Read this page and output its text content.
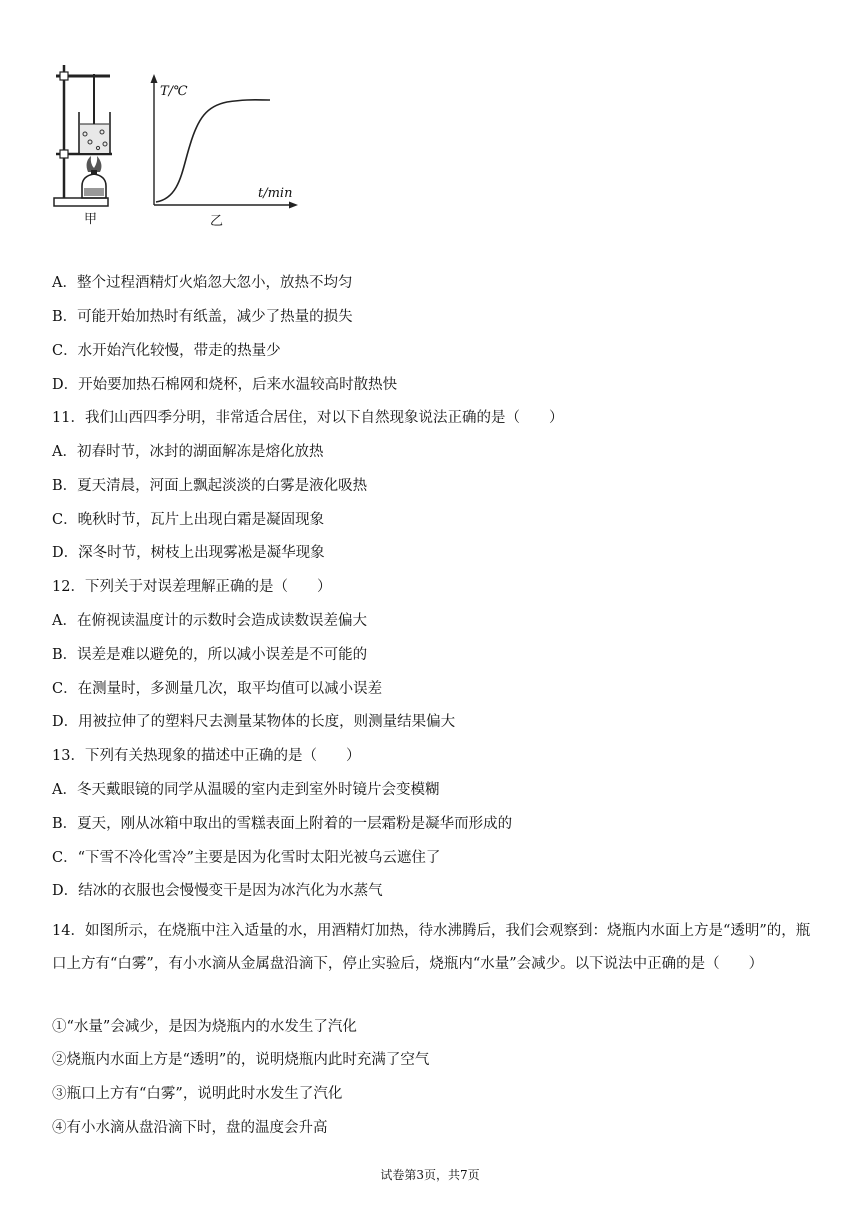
甲	乙
T/℃
t/min
A．整个过程酒精灯火焰忽大忽小，放热不均匀
B．可能开始加热时有纸盖，减少了热量的损失
C．水开始汽化较慢，带走的热量少
D．开始要加热石棉网和烧杯，后来水温较高时散热快
11．我们山西四季分明，非常适合居住，对以下自然现象说法正确的是（　　）
A．初春时节，冰封的湖面解冻是熔化放热
B．夏天清晨，河面上飘起淡淡的白雾是液化吸热
C．晚秋时节，瓦片上出现白霜是凝固现象
D．深冬时节，树枝上出现雾凇是凝华现象
12．下列关于对误差理解正确的是（　　）
A．在俯视读温度计的示数时会造成读数误差偏大
B．误差是难以避免的，所以减小误差是不可能的
C．在测量时，多测量几次，取平均值可以减小误差
D．用被拉伸了的塑料尺去测量某物体的长度，则测量结果偏大
13．下列有关热现象的描述中正确的是（　　）
A．冬天戴眼镜的同学从温暖的室内走到室外时镜片会变模糊
B．夏天，刚从冰箱中取出的雪糕表面上附着的一层霜粉是凝华而形成的
C．“下雪不冷化雪冷”主要是因为化雪时太阳光被乌云遮住了
D．结冰的衣服也会慢慢变干是因为冰汽化为水蒸气
14．如图所示，在烧瓶中注入适量的水，用酒精灯加热，待水沸腾后，我们会观察到：烧瓶内水面上方是“透明”的，瓶口上方有“白雾”，有小水滴从金属盘沿滴下，停止实验后，烧瓶内“水量”会减少。以下说法中正确的是（　　）
①“水量”会减少，是因为烧瓶内的水发生了汽化
②烧瓶内水面上方是“透明”的，说明烧瓶内此时充满了空气
③瓶口上方有“白雾”，说明此时水发生了汽化
④有小水滴从盘沿滴下时，盘的温度会升高
试卷第3页，共7页
